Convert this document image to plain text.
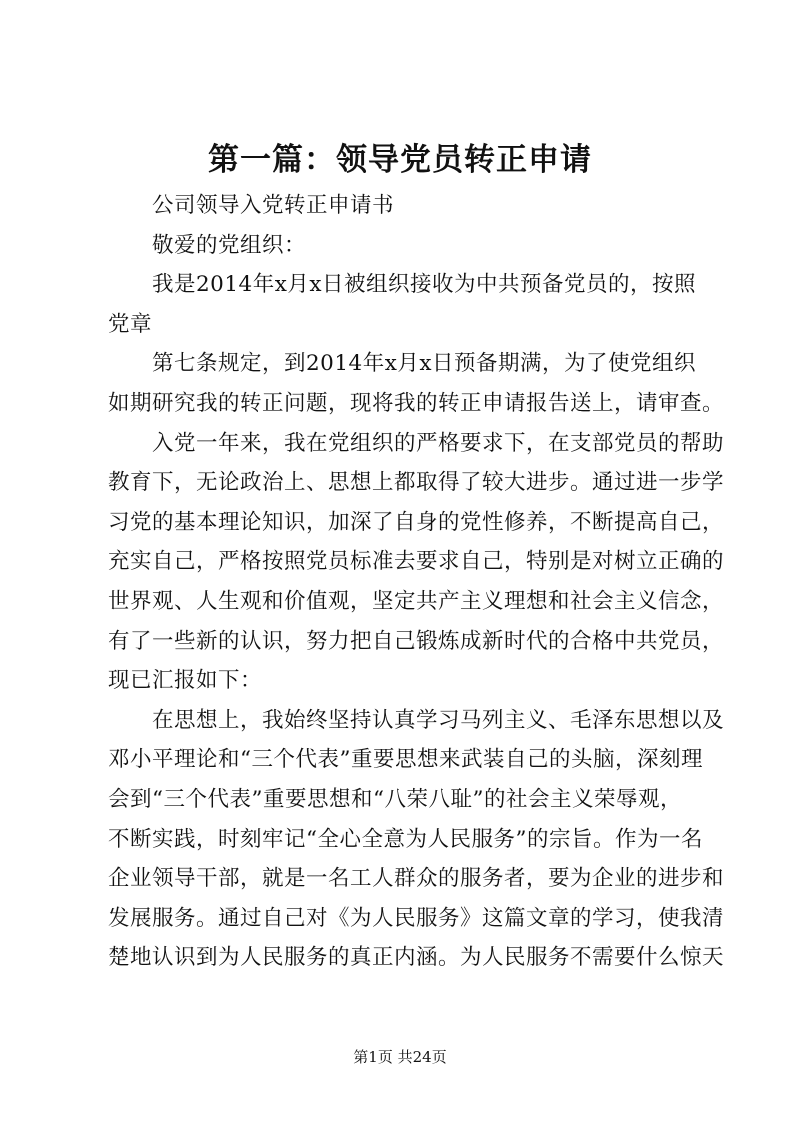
第一篇：领导党员转正申请
公司领导入党转正申请书
敬爱的党组织：
我是2014年x月x日被组织接收为中共预备党员的，按照
党章
第七条规定，到2014年x月x日预备期满，为了使党组织
如期研究我的转正问题，现将我的转正申请报告送上，请审查。
入党一年来，我在党组织的严格要求下，在支部党员的帮助
教育下，无论政治上、思想上都取得了较大进步。通过进一步学
习党的基本理论知识，加深了自身的党性修养，不断提高自己，
充实自己，严格按照党员标准去要求自己，特别是对树立正确的
世界观、人生观和价值观，坚定共产主义理想和社会主义信念，
有了一些新的认识，努力把自己锻炼成新时代的合格中共党员，
现已汇报如下：
在思想上，我始终坚持认真学习马列主义、毛泽东思想以及
邓小平理论和“三个代表”重要思想来武装自己的头脑，深刻理
会到“三个代表”重要思想和“八荣八耻”的社会主义荣辱观，
不断实践，时刻牢记“全心全意为人民服务”的宗旨。作为一名
企业领导干部，就是一名工人群众的服务者，要为企业的进步和
发展服务。通过自己对《为人民服务》这篇文章的学习，使我清
楚地认识到为人民服务的真正内涵。为人民服务不需要什么惊天
第1页 共24页
